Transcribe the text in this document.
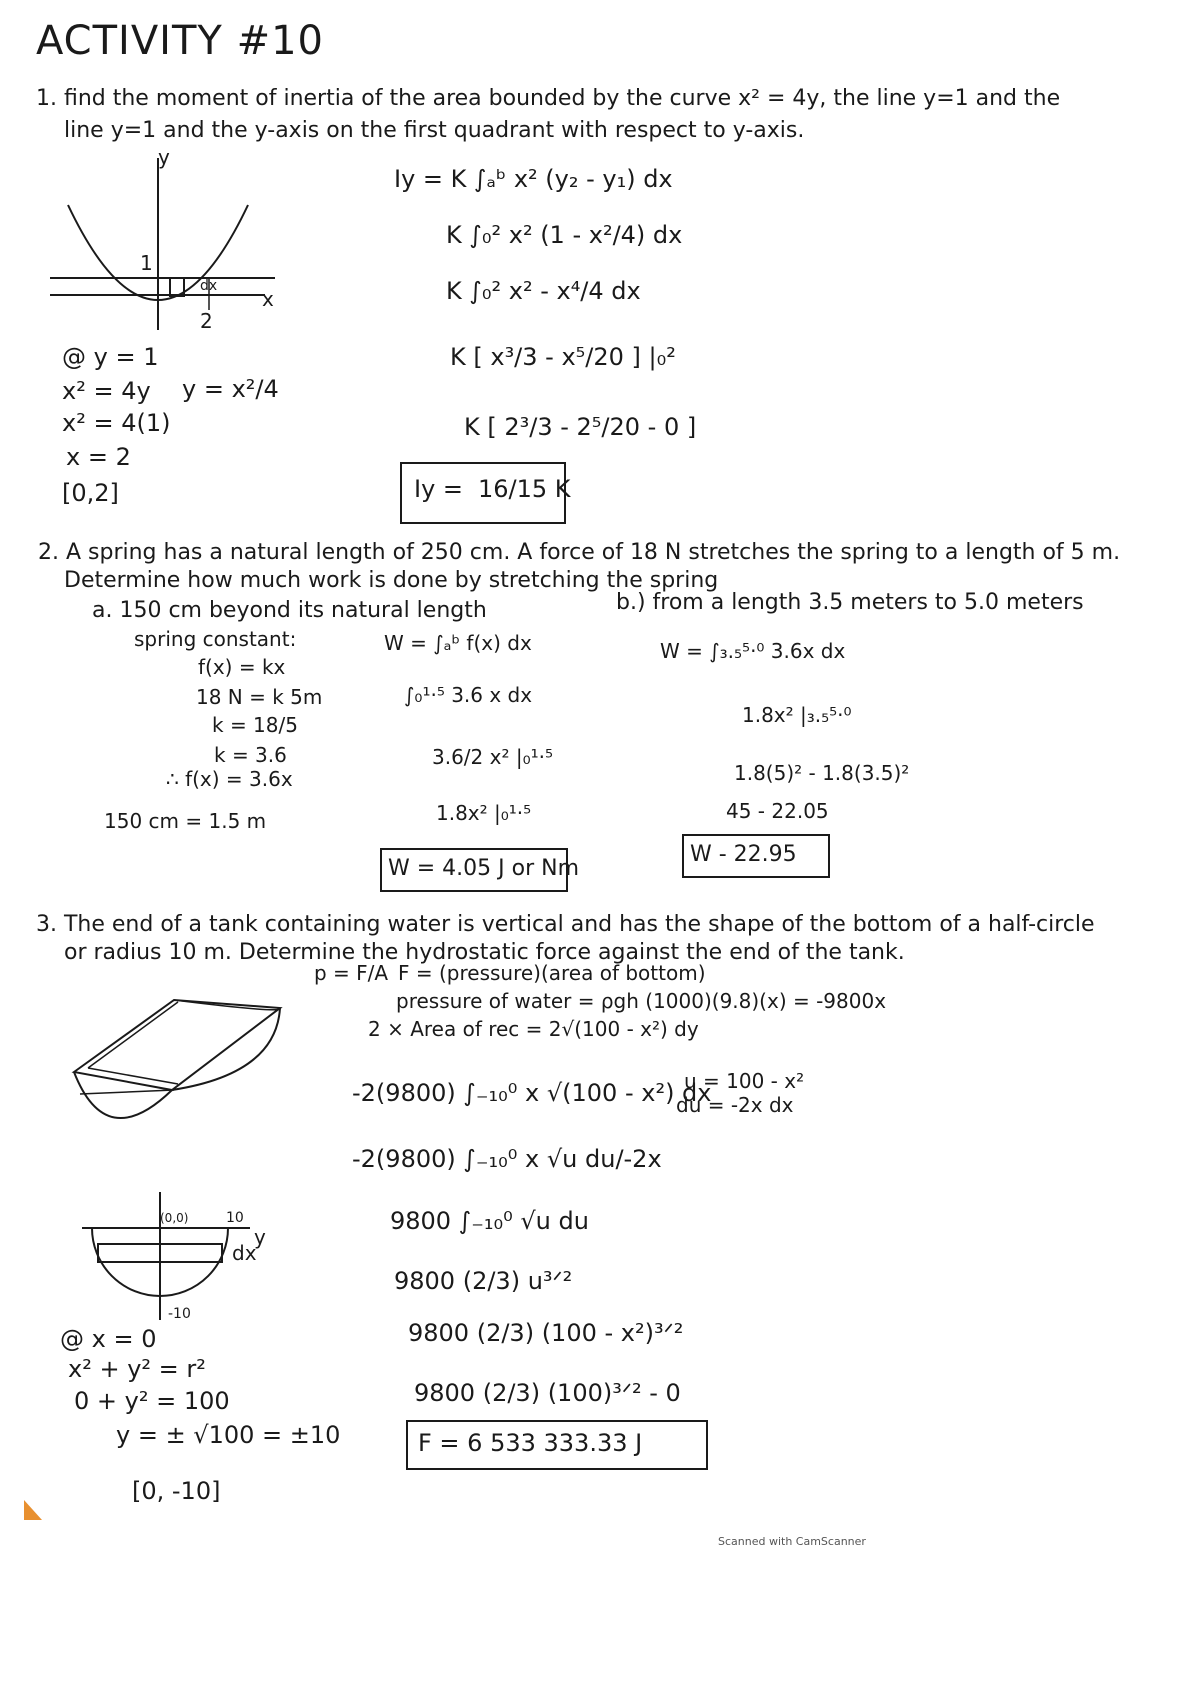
ACTIVITY #10
1. find the moment of inertia of the area bounded by the curve x² = 4y, the line y=1 and the
line y=1 and the y-axis on the first quadrant with respect to y-axis.
y
x
1
dx
2
@ y = 1
x² = 4y
x² = 4(1)
x = 2
[0,2]
y = x²/4
Iy = K ∫ₐᵇ x² (y₂ - y₁) dx
K ∫₀² x² (1 - x²/4) dx
K ∫₀² x² - x⁴/4 dx
K [ x³/3 - x⁵/20 ] |₀²
K [ 2³/3 - 2⁵/20 - 0 ]
Iy = 16/15 K
2. A spring has a natural length of 250 cm. A force of 18 N stretches the spring to a length of 5 m.
Determine how much work is done by stretching the spring
a. 150 cm beyond its natural length	b.) from a length 3.5 meters to 5.0 meters
spring constant:
f(x) = kx
18 N = k 5m
k = 18/5
k = 3.6
∴ f(x) = 3.6x
150 cm = 1.5 m
W = ∫ₐᵇ f(x) dx
∫₀¹·⁵ 3.6 x dx
3.6/2 x² |₀¹·⁵
1.8x² |₀¹·⁵
W = 4.05 J or Nm
W = ∫₃.₅⁵·⁰ 3.6x dx
1.8x² |₃.₅⁵·⁰
1.8(5)² - 1.8(3.5)²
45 - 22.05
W - 22.95
3. The end of a tank containing water is vertical and has the shape of the bottom of a half-circle
or radius 10 m. Determine the hydrostatic force against the end of the tank.
p = F/A F = (pressure)(area of bottom)
pressure of water = ρgh (1000)(9.8)(x) = -9800x
2 × Area of rec = 2√(100 - x²) dy
(0,0)	10
y
dx
-10
@ x = 0
x² + y² = r²
0 + y² = 100
y = ± √100 = ±10
[0, -10]
u = 100 - x²
du = -2x dx
-2(9800) ∫₋₁₀⁰ x √(100 - x²) dx
-2(9800) ∫₋₁₀⁰ x √u du/-2x
9800 ∫₋₁₀⁰ √u du
9800 (2/3) u³ᐟ²
9800 (2/3) (100 - x²)³ᐟ²
9800 (2/3) (100)³ᐟ² - 0
F = 6 533 333.33 J
Scanned with CamScanner
